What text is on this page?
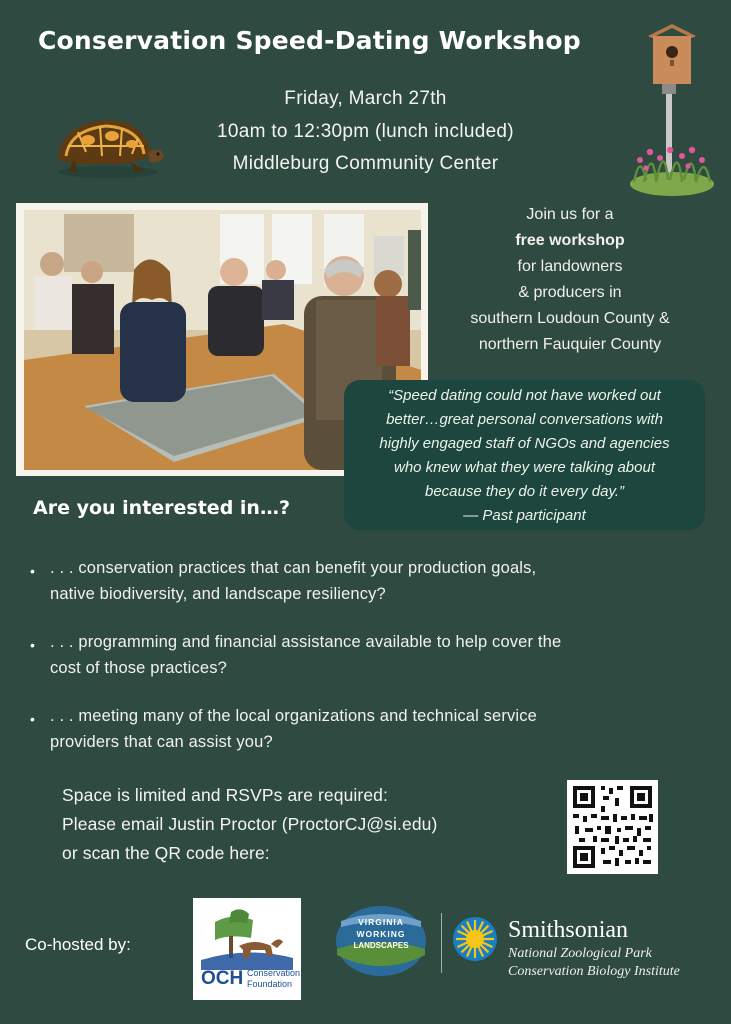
Conservation Speed-Dating Workshop
Friday, March 27th
10am to 12:30pm (lunch included)
Middleburg Community Center
Join us for a
free workshop
for landowners
& producers in
southern Loudoun County &
northern Fauquier County
“Speed dating could not have worked out
better…great personal conversations with
highly engaged staff of NGOs and agencies
who knew what they were talking about
because they do it every day.”
— Past participant
Are you interested in…?
• . . . conservation practices that can benefit your production goals,
native biodiversity, and landscape resiliency?
• . . . programming and financial assistance available to help cover the
cost of those practices?
• . . . meeting many of the local organizations and technical service
providers that can assist you?
Space is limited and RSVPs are required:
Please email Justin Proctor (ProctorCJ@si.edu)
or scan the QR code here:
Co-hosted by:
OCH Conservation
Foundation
VIRGINIA
WORKING
LANDSCAPES
Smithsonian
National Zoological Park
Conservation Biology Institute
